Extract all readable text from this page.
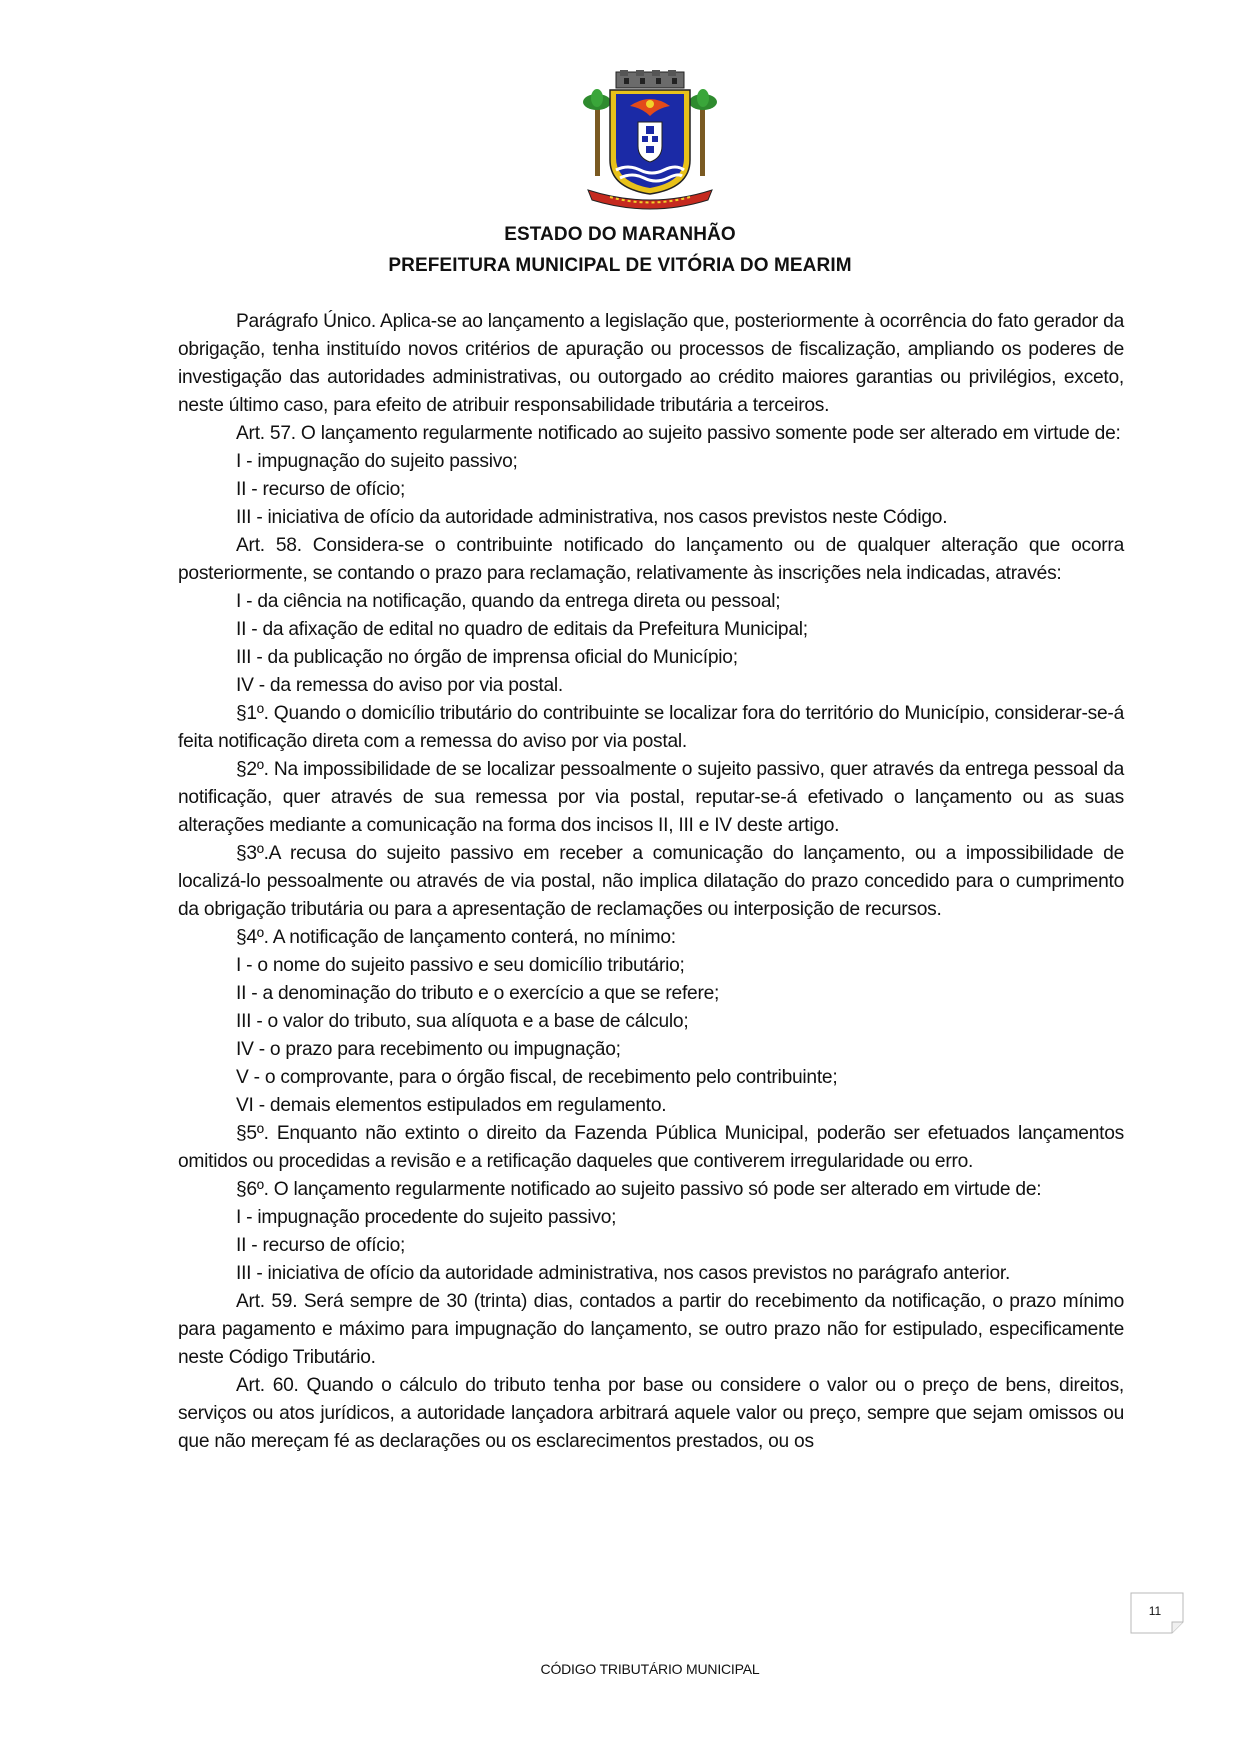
ESTADO DO MARANHÃO
PREFEITURA MUNICIPAL DE VITÓRIA DO MEARIM

Parágrafo Único. Aplica-se ao lançamento a legislação que, posteriormente à ocorrência do fato gerador da obrigação, tenha instituído novos critérios de apuração ou processos de fiscalização, ampliando os poderes de investigação das autoridades administrativas, ou outorgado ao crédito maiores garantias ou privilégios, exceto, neste último caso, para efeito de atribuir responsabilidade tributária a terceiros.

Art. 57. O lançamento regularmente notificado ao sujeito passivo somente pode ser alterado em virtude de:

I - impugnação do sujeito passivo;

II - recurso de ofício;

III - iniciativa de ofício da autoridade administrativa, nos casos previstos neste Código.

Art. 58. Considera-se o contribuinte notificado do lançamento ou de qualquer alteração que ocorra posteriormente, se contando o prazo para reclamação, relativamente às inscrições nela indicadas, através:

I - da ciência na notificação, quando da entrega direta ou pessoal;

II - da afixação de edital no quadro de editais da Prefeitura Municipal;

III - da publicação no órgão de imprensa oficial do Município;

IV - da remessa do aviso por via postal.

§1º. Quando o domicílio tributário do contribuinte se localizar fora do território do Município, considerar-se-á feita notificação direta com a remessa do aviso por via postal.

§2º. Na impossibilidade de se localizar pessoalmente o sujeito passivo, quer através da entrega pessoal da notificação, quer através de sua remessa por via postal, reputar-se-á efetivado o lançamento ou as suas alterações mediante a comunicação na forma dos incisos II, III e IV deste artigo.

§3º.A recusa do sujeito passivo em receber a comunicação do lançamento, ou a impossibilidade de localizá-lo pessoalmente ou através de via postal, não implica dilatação do prazo concedido para o cumprimento da obrigação tributária ou para a apresentação de reclamações ou interposição de recursos.

§4º. A notificação de lançamento conterá, no mínimo:

I - o nome do sujeito passivo e seu domicílio tributário;

II - a denominação do tributo e o exercício a que se refere;

III - o valor do tributo, sua alíquota e a base de cálculo;

IV - o prazo para recebimento ou impugnação;

V - o comprovante, para o órgão fiscal, de recebimento pelo contribuinte;

VI - demais elementos estipulados em regulamento.

§5º. Enquanto não extinto o direito da Fazenda Pública Municipal, poderão ser efetuados lançamentos omitidos ou procedidas a revisão e a retificação daqueles que contiverem irregularidade ou erro.

§6º. O lançamento regularmente notificado ao sujeito passivo só pode ser alterado em virtude de:

I - impugnação procedente do sujeito passivo;

II - recurso de ofício;

III - iniciativa de ofício da autoridade administrativa, nos casos previstos no parágrafo anterior.

Art. 59. Será sempre de 30 (trinta) dias, contados a partir do recebimento da notificação, o prazo mínimo para pagamento e máximo para impugnação do lançamento, se outro prazo não for estipulado, especificamente neste Código Tributário.

Art. 60. Quando o cálculo do tributo tenha por base ou considere o valor ou o preço de bens, direitos, serviços ou atos jurídicos, a autoridade lançadora arbitrará aquele valor ou preço, sempre que sejam omissos ou que não mereçam fé as declarações ou os esclarecimentos prestados, ou os

11
CÓDIGO TRIBUTÁRIO MUNICIPAL
